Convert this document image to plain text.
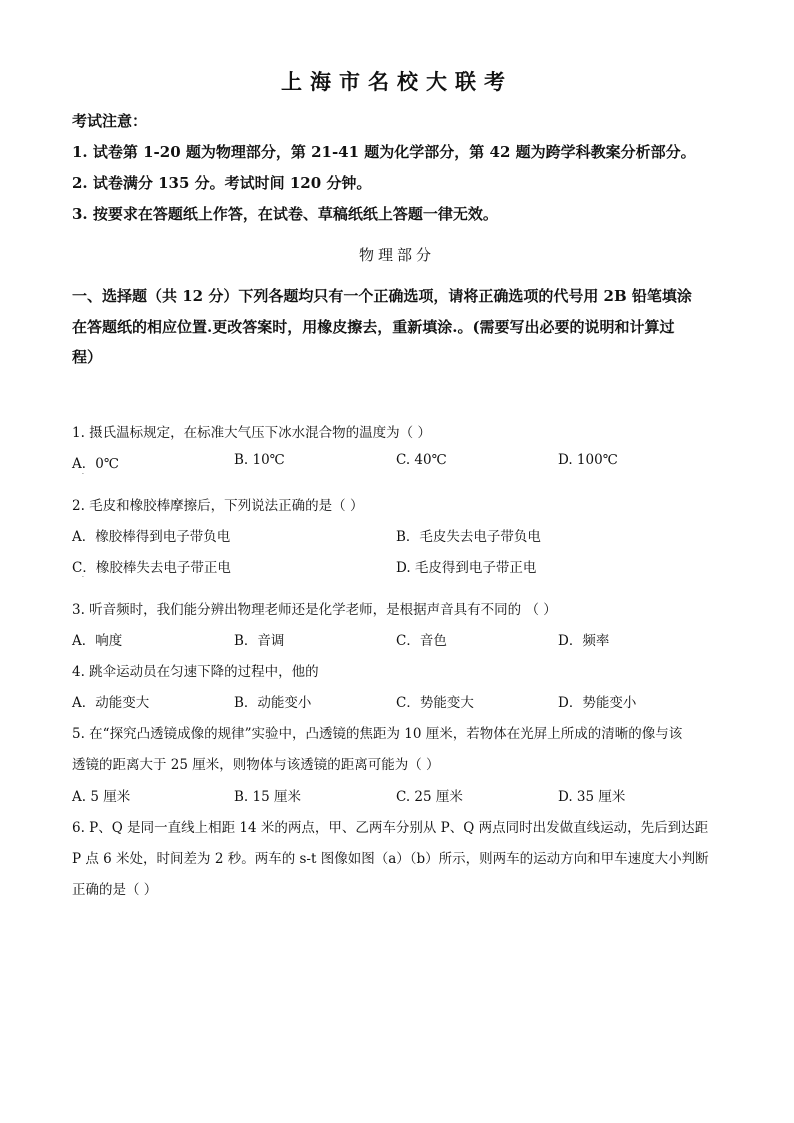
上海市名校大联考
考试注意：
1. 试卷第 1-20 题为物理部分，第 21-41 题为化学部分，第 42 题为跨学科教案分析部分。
2. 试卷满分 135 分。考试时间 120 分钟。
3. 按要求在答题纸上作答，在试卷、草稿纸纸上答题一律无效。
物理部分
一、选择题（共 12 分）下列各题均只有一个正确选项，请将正确选项的代号用 2B 铅笔填涂
在答题纸的相应位置.更改答案时，用橡皮擦去，重新填涂.。(需要写出必要的说明和计算过
程）
1. 摄氏温标规定，在标准大气压下冰水混合物的温度为（ ）
A．0℃	B. 10℃	C. 40℃	D. 100℃
·
2. 毛皮和橡胶棒摩擦后，下列说法正确的是（ ）
A．橡胶棒得到电子带负电	B．毛皮失去电子带负电
C．橡胶棒失去电子带正电	D. 毛皮得到电子带正电
·
3. 听音频时，我们能分辨出物理老师还是化学老师，是根据声音具有不同的 （ ）
A．响度	B．音调	C．音色	D．频率
4. 跳伞运动员在匀速下降的过程中，他的
A．动能变大	B．动能变小	C．势能变大	D．势能变小
5. 在“探究凸透镜成像的规律”实验中，凸透镜的焦距为 10 厘米，若物体在光屏上所成的清晰的像与该
透镜的距离大于 25 厘米，则物体与该透镜的距离可能为（ ）
A. 5 厘米	B. 15 厘米	C. 25 厘米	D. 35 厘米
6. P、Q 是同一直线上相距 14 米的两点，甲、乙两车分别从 P、Q 两点同时出发做直线运动，先后到达距
P 点 6 米处，时间差为 2 秒。两车的 s-t 图像如图（a）（b）所示，则两车的运动方向和甲车速度大小判断
正确的是（ ）
